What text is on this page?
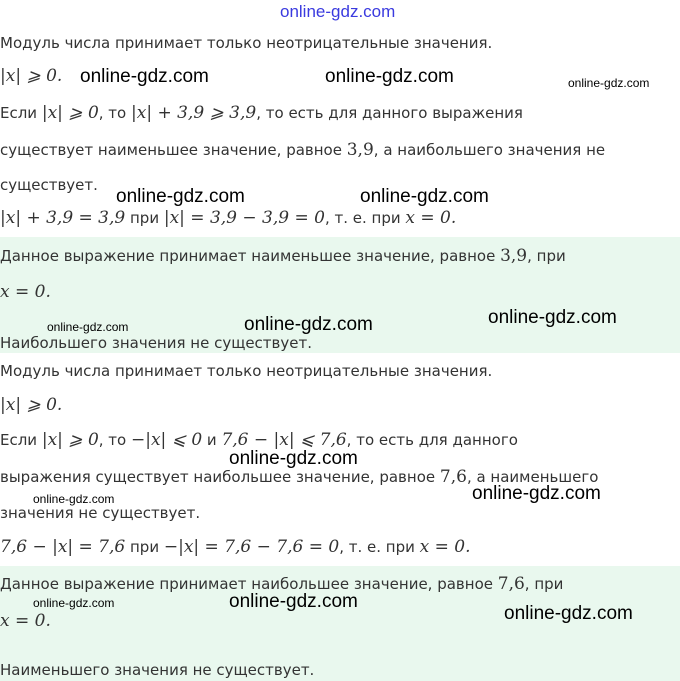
Модуль числа принимает только неотрицательные значения.
|x| ⩾ 0.
Если |x| ⩾ 0, то |x| + 3,9 ⩾ 3,9, то есть для данного выражения
существует наименьшее значение, равное 3,9, а наибольшего значения не
существует.
|x| + 3,9 = 3,9 при |x| = 3,9 − 3,9 = 0, т. е. при x = 0.
Данное выражение принимает наименьшее значение, равное 3,9, при
x = 0.
Наибольшего значения не существует.
Модуль числа принимает только неотрицательные значения.
|x| ⩾ 0.
Если |x| ⩾ 0, то −|x| ⩽ 0 и 7,6 − |x| ⩽ 7,6, то есть для данного
выражения существует наибольшее значение, равное 7,6, а наименьшего
значения не существует.
7,6 − |x| = 7,6 при −|x| = 7,6 − 7,6 = 0, т. е. при x = 0.
Данное выражение принимает наибольшее значение, равное 7,6, при
x = 0.
Наименьшего значения не существует.
online-gdz.com
online-gdz.com	online-gdz.com	online-gdz.com
online-gdz.com	online-gdz.com
online-gdz.com	online-gdz.com	online-gdz.com
online-gdz.com
online-gdz.com
online-gdz.com
online-gdz.com	online-gdz.com
online-gdz.com
